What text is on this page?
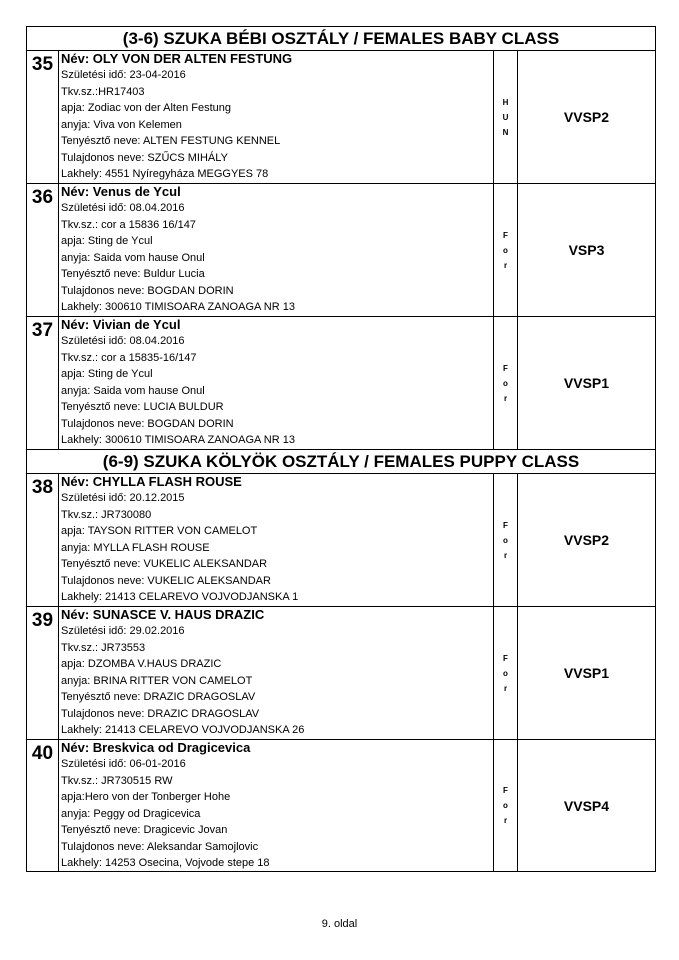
(3-6) SZUKA BÉBI OSZTÁLY / FEMALES BABY CLASS
35 Név: OLY VON DER ALTEN FESTUNG
Születési idő: 23-04-2016
Tkv.sz.:HR17403
apja: Zodiac von der Alten Festung
anyja: Viva von Kelemen
Tenyésztő neve: ALTEN FESTUNG KENNEL
Tulajdonos neve: SZŰCS MIHÁLY
Lakhely: 4551 Nyíregyháza MEGGYES 78
H
U
N
VVSP2
36 Név: Venus de Ycul
Születési idő: 08.04.2016
Tkv.sz.: cor a 15836 16/147
apja: Sting de Ycul
anyja: Saida vom hause Onul
Tenyésztő neve: Buldur Lucia
Tulajdonos neve: BOGDAN DORIN
Lakhely: 300610 TIMISOARA ZANOAGA NR 13
F
o
r
VSP3
37 Név: Vivian de Ycul
Születési idő: 08.04.2016
Tkv.sz.: cor a 15835-16/147
apja: Sting de Ycul
anyja: Saida vom hause Onul
Tenyésztő neve: LUCIA BULDUR
Tulajdonos neve: BOGDAN DORIN
Lakhely: 300610 TIMISOARA ZANOAGA NR 13
F
o
r
VVSP1
(6-9) SZUKA KÖLYÖK OSZTÁLY / FEMALES PUPPY CLASS
38 Név: CHYLLA FLASH ROUSE
Születési idő: 20.12.2015
Tkv.sz.: JR730080
apja: TAYSON RITTER VON CAMELOT
anyja: MYLLA FLASH ROUSE
Tenyésztő neve: VUKELIC ALEKSANDAR
Tulajdonos neve: VUKELIC ALEKSANDAR
Lakhely: 21413 CELAREVO VOJVODJANSKA 1
F
o
r
VVSP2
39 Név: SUNASCE V. HAUS DRAZIC
Születési idő: 29.02.2016
Tkv.sz.: JR73553
apja: DZOMBA V.HAUS DRAZIC
anyja: BRINA RITTER VON CAMELOT
Tenyésztő neve: DRAZIC DRAGOSLAV
Tulajdonos neve: DRAZIC DRAGOSLAV
Lakhely: 21413 CELAREVO VOJVODJANSKA 26
F
o
r
VVSP1
40 Név: Breskvica od Dragicevica
Születési idő: 06-01-2016
Tkv.sz.: JR730515 RW
apja:Hero von der Tonberger Hohe
anyja: Peggy od Dragicevica
Tenyésztő neve: Dragicevic Jovan
Tulajdonos neve: Aleksandar Samojlovic
Lakhely: 14253 Osecina, Vojvode stepe 18
F
o
r
VVSP4
9. oldal
